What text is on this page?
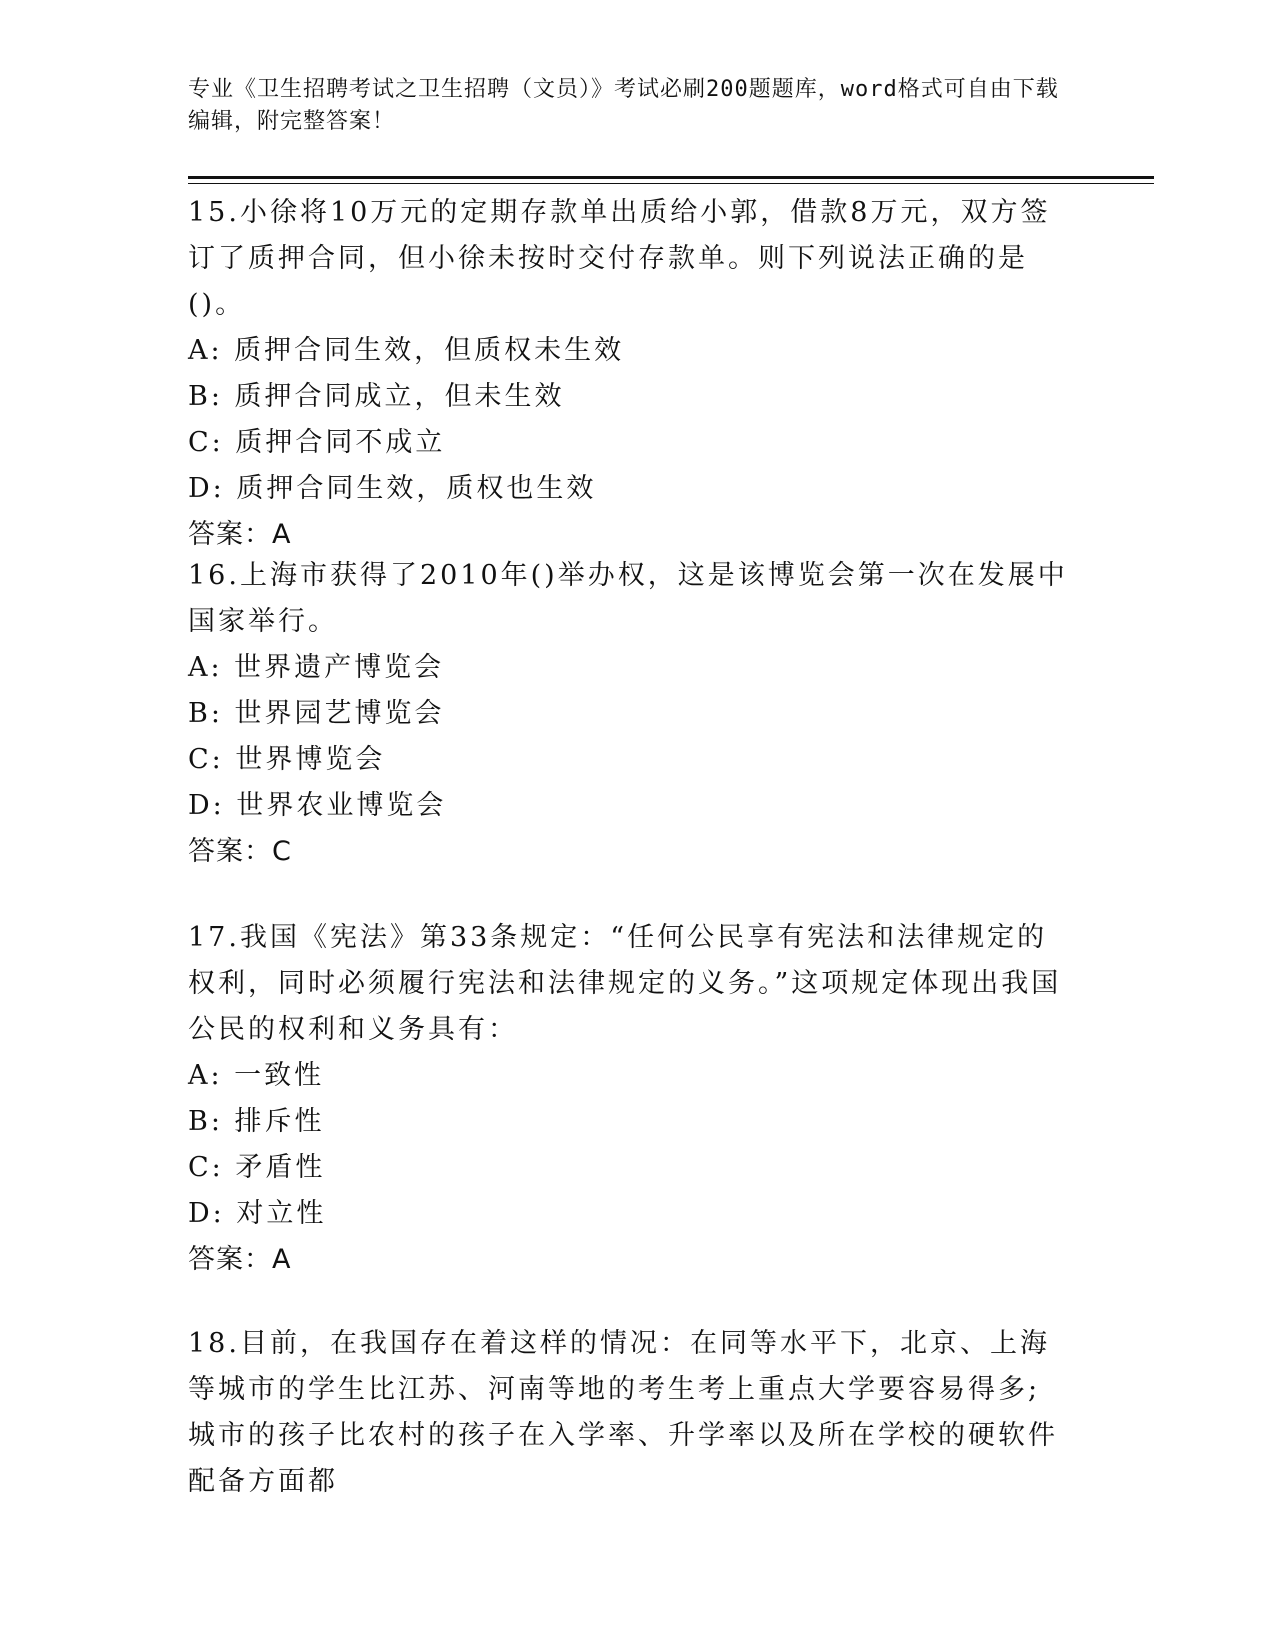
专业《卫生招聘考试之卫生招聘（文员）》考试必刷200题题库，word格式可自由下载编辑，附完整答案！

15.小徐将10万元的定期存款单出质给小郭，借款8万元，双方签订了质押合同，但小徐未按时交付存款单。则下列说法正确的是()。

A: 质押合同生效，但质权未生效

B: 质押合同成立，但未生效

C: 质押合同不成立

D: 质押合同生效，质权也生效

答案：A

16.上海市获得了2010年()举办权，这是该博览会第一次在发展中国家举行。

A: 世界遗产博览会

B: 世界园艺博览会

C: 世界博览会

D: 世界农业博览会

答案：C

17.我国《宪法》第33条规定：“任何公民享有宪法和法律规定的权利，同时必须履行宪法和法律规定的义务。”这项规定体现出我国公民的权利和义务具有：

A: 一致性

B: 排斥性

C: 矛盾性

D: 对立性

答案：A

18.目前，在我国存在着这样的情况：在同等水平下，北京、上海等城市的学生比江苏、河南等地的考生考上重点大学要容易得多;城市的孩子比农村的孩子在入学率、升学率以及所在学校的硬软件配备方面都
